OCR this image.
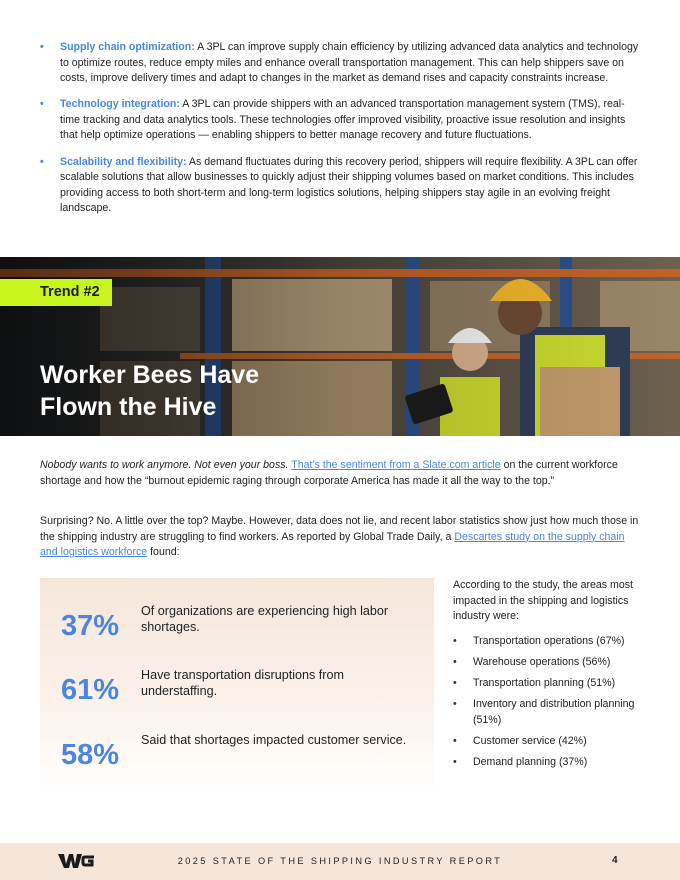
• Supply chain optimization: A 3PL can improve supply chain efficiency by utilizing advanced data analytics and technology to optimize routes, reduce empty miles and enhance overall transportation management. This can help shippers save on costs, improve delivery times and adapt to changes in the market as demand rises and capacity constraints increase.
• Technology integration: A 3PL can provide shippers with an advanced transportation management system (TMS), real-time tracking and data analytics tools. These technologies offer improved visibility, proactive issue resolution and insights that help optimize operations — enabling shippers to better manage recovery and future fluctuations.
• Scalability and flexibility: As demand fluctuates during this recovery period, shippers will require flexibility. A 3PL can offer scalable solutions that allow businesses to quickly adjust their shipping volumes based on market conditions. This includes providing access to both short-term and long-term logistics solutions, helping shippers stay agile in an evolving freight landscape.
Trend #2
Worker Bees Have
Flown the Hive

Nobody wants to work anymore. Not even your boss. That’s the sentiment from a Slate.com article on the current workforce shortage and how the “burnout epidemic raging through corporate America has made it all the way to the top.”

Surprising? No. A little over the top? Maybe. However, data does not lie, and recent labor statistics show just how much those in the shipping industry are struggling to find workers. As reported by Global Trade Daily, a Descartes study on the supply chain and logistics workforce found:

37% Of organizations are experiencing high labor shortages.
61% Have transportation disruptions from understaffing.
58% Said that shortages impacted customer service.

According to the study, the areas most impacted in the shipping and logistics industry were:

• Transportation operations (67%)
• Warehouse operations (56%)
• Transportation planning (51%)
• Inventory and distribution planning (51%)
• Customer service (42%)
• Demand planning (37%)
2025 STATE OF THE SHIPPING INDUSTRY REPORT	4
